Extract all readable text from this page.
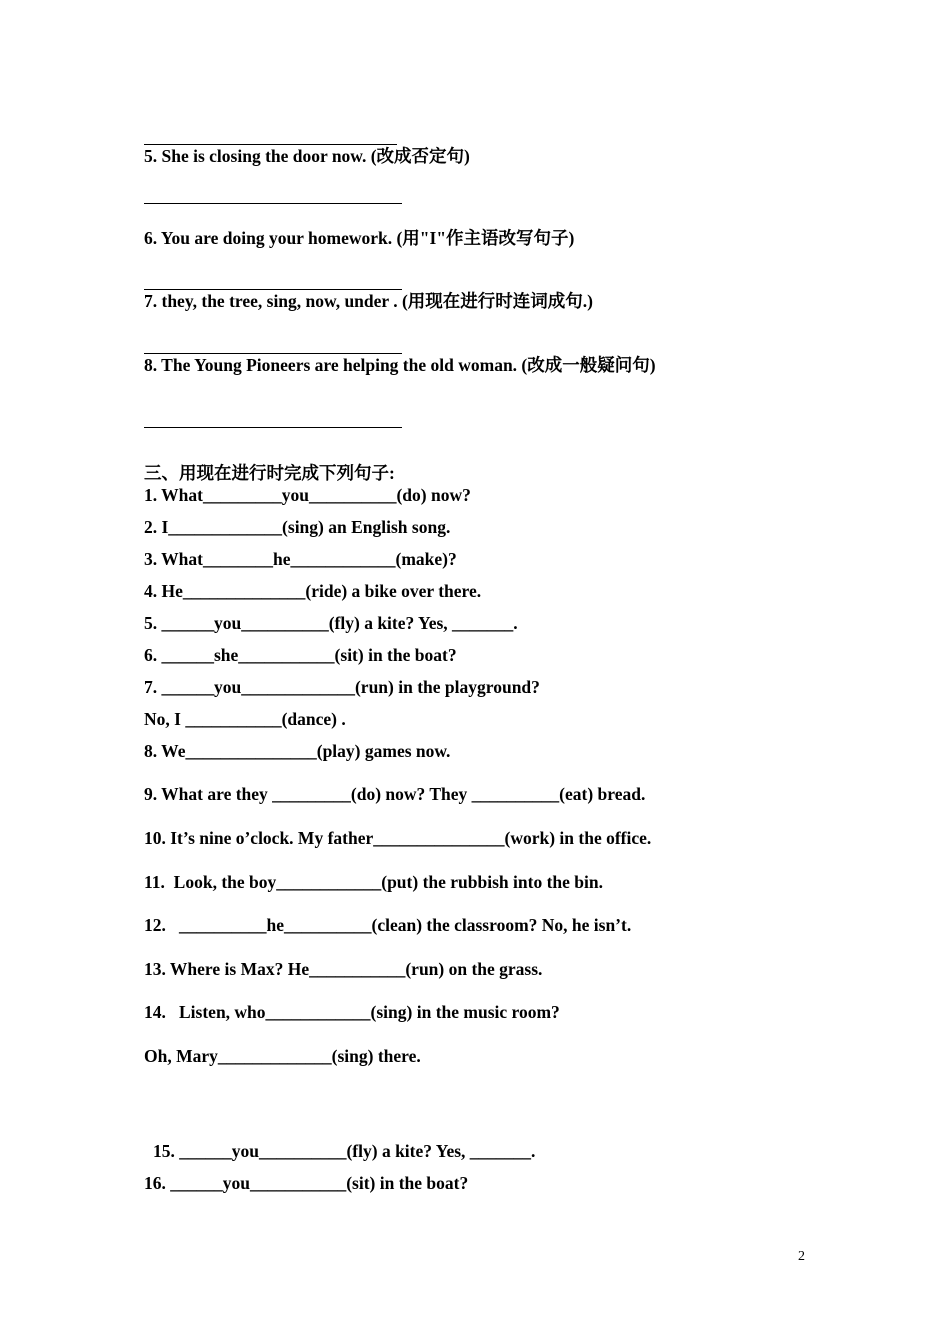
5. She is closing the door now. (改成否定句)
6. You are doing your homework. (用"I"作主语改写句子)
7. they, the tree, sing, now, under . (用现在进行时连词成句.)
8. The Young Pioneers are helping the old woman. (改成一般疑问句)
三、用现在进行时完成下列句子:
1. What_________you__________(do) now?
2. I_____________(sing) an English song.
3. What________he____________(make)?
4. He______________(ride) a bike over there.
5. ______you__________(fly) a kite? Yes, _______.
6. ______she___________(sit) in the boat?
7. ______you_____________(run) in the playground?
No, I ___________(dance) .
8. We_______________(play) games now.
9. What are they _________(do) now? They __________(eat) bread.
10. It’s nine o’clock. My father_______________(work) in the office.
11.  Look, the boy____________(put) the rubbish into the bin.
12.   __________he__________(clean) the classroom? No, he isn’t.
13. Where is Max? He___________(run) on the grass.
14.   Listen, who____________(sing) in the music room?
Oh, Mary_____________(sing) there.
15. ______you__________(fly) a kite? Yes, _______.
16. ______you___________(sit) in the boat?
2
